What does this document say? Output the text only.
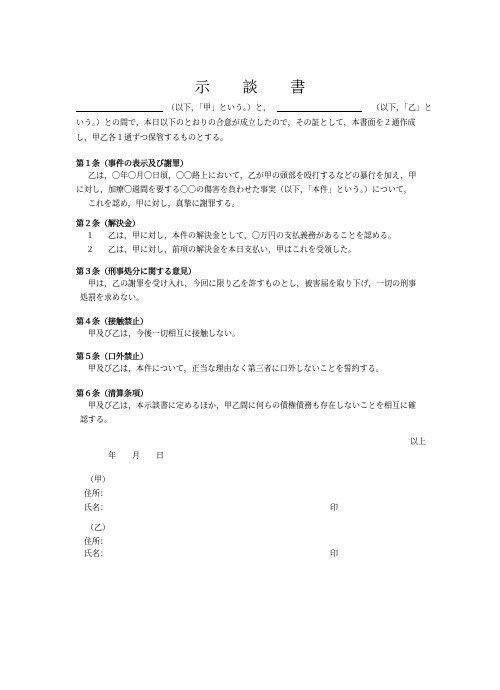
示 談 書
（以下，「甲」という。）と，	（以下，「乙」と
いう。）との間で，本日以下のとおりの合意が成立したので，その証として，本書面を２通作成
し，甲乙各１通ずつ保管するものとする。
第１条（事件の表示及び謝罪）
乙は，〇年〇月〇日頃，〇〇路上において，乙が甲の頭部を殴打するなどの暴行を加え，甲
に対し，加療〇週間を要する〇〇の傷害を負わせた事実（以下，「本件」という。）について，
これを認め，甲に対し，真摯に謝罪する。
第２条（解決金）
１	乙は，甲に対し，本件の解決金として，〇万円の支払義務があることを認める。
２	乙は，甲に対し，前項の解決金を本日支払い，甲はこれを受領した。
第３条（刑事処分に関する意見）
甲は，乙の謝罪を受け入れ，今回に限り乙を許すものとし，被害届を取り下げ，一切の刑事
処罰を求めない。
第４条（接触禁止）
甲及び乙は，今後一切相互に接触しない。
第５条（口外禁止）
甲及び乙は，本件について，正当な理由なく第三者に口外しないことを誓約する。
第６条（清算条項）
甲及び乙は，本示談書に定めるほか，甲乙間に何らの債権債務も存在しないことを相互に確
認する。
以上
年 月 日
（甲）
住所：
氏名：	印
（乙）
住所：
氏名：	印
